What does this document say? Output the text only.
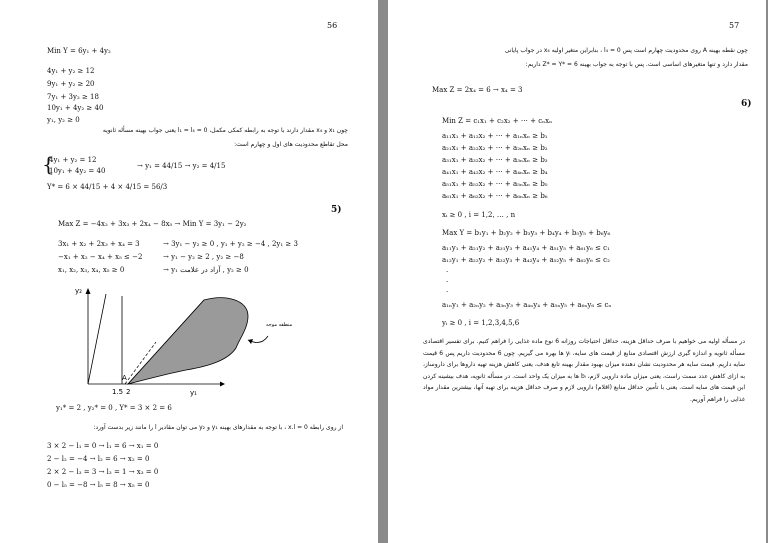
56
Min Y = 6y₁ + 4y₂
4y₁ + y₂ ≥ 12
9y₁ + y₂ ≥ 20
7y₁ + 3y₂ ≥ 18
10y₁ + 4y₂ ≥ 40
y₁, y₂ ≥ 0
چون x₁ و x₄ مقدار دارند با توجه به رابطه کمکی مکمل، l₁ = l₄ = 0 یعنی جواب بهینه مسأله ثانویه
محل تقاطع محدودیت های اول و چهارم است:
{
4y₁ + y₂ = 12
10y₁ + 4y₂ = 40
→ y₁ = 44/15 → y₂ = 4/15
Y* = 6 × 44/15 + 4 × 4/15 = 56/3
5)
Max Z = −4x₂ + 3x₃ + 2x₄ − 8x₅ → Min Y = 3y₁ − 2y₂
3x₁ + x₂ + 2x₃ + x₄ = 3	→ 3y₁ − y₂ ≥ 0 , y₁ + y₂ ≥ −4 , 2y₁ ≥ 3
−x₁ + x₂ − x₄ + x₅ ≤ −2	→ y₁ − y₂ ≥ 2 , y₂ ≥ −8
x₁, x₂, x₃, x₄, x₅ ≥ 0	→ y₁ آزاد در علامت , y₂ ≥ 0
y₂
y₁
A
1.5 2
منطقه موجه
y₁* = 2 , y₂* = 0 , Y* = 3 × 2 = 6
از روی رابطه x.l = 0 ، با توجه به مقدارهای بهینه y₁ و y₂ می توان مقادیر l را مانند زیر بدست آورد:
3 × 2 − l₁ = 0 → l₁ = 6 → x₁ = 0
2 − l₂ = −4 → l₂ = 6 → x₂ = 0
2 × 2 − l₃ = 3 → l₃ = 1 → x₃ = 0
0 − l₅ = −8 → l₅ = 8 → x₅ = 0
57
چون نقطه بهینه A روی محدودیت چهارم است پس l₄ = 0 ، بنابراین متغیر اولیه x₄ در جواب پایانی
مقدار دارد و تنها متغیرهای اساسی است. پس با توجه به جواب بهینه Z* = Y* = 6 داریم:
Max Z = 2x₄ = 6 → x₄ = 3
6)
Min Z = c₁x₁ + c₂x₂ + ⋯ + cₙxₙ
a₁₁x₁ + a₁₂x₂ + ⋯ + a₁ₙxₙ ≥ b₁
a₂₁x₁ + a₂₂x₂ + ⋯ + a₂ₙxₙ ≥ b₂
a₃₁x₁ + a₃₂x₂ + ⋯ + a₃ₙxₙ ≥ b₃
a₄₁x₁ + a₄₂x₂ + ⋯ + a₄ₙxₙ ≥ b₄
a₅₁x₁ + a₅₂x₂ + ⋯ + a₅ₙxₙ ≥ b₅
a₆₁x₁ + a₆₂x₂ + ⋯ + a₆ₙxₙ ≥ b₆
xᵢ ≥ 0 , i = 1,2, … , n
Max Y = b₁y₁ + b₂y₂ + b₃y₃ + b₄y₄ + b₅y₅ + b₆y₆
a₁₁y₁ + a₂₁y₂ + a₃₁y₃ + a₄₁y₄ + a₅₁y₅ + a₆₁y₆ ≤ c₁
a₁₂y₁ + a₂₂y₂ + a₃₂y₃ + a₄₂y₄ + a₅₂y₅ + a₆₂y₆ ≤ c₂
.
.
.
a₁ₙy₁ + a₂ₙy₂ + a₃ₙy₃ + a₄ₙy₄ + a₅ₙy₅ + a₆ₙy₆ ≤ cₙ
yᵢ ≥ 0 , i = 1,2,3,4,5,6
در مسأله اولیه می خواهیم با صرف حداقل هزینه، حداقل احتیاجات روزانه 6 نوع ماده غذایی را فراهم کنیم. برای تفسیر اقتصادی مسأله ثانویه و اندازه گیری ارزش اقتصادی منابع از قیمت های سایه، yᵢ ها بهره می گیریم. چون 6 محدودیت داریم پس 6 قیمت سایه داریم. قیمت سایه هر محدودیت نشان دهنده میزان بهبود مقدار بهینه تابع هدف، یعنی کاهش هزینه تهیه داروها برای داروساز، به ازای کاهش عدد سمت راست، یعنی میزان ماده دارویی لازم، bᵢ ها به میزان یک واحد است. در مسأله ثانویه، هدف بیشینه کردن این قیمت های سایه است. یعنی با تأمین حداقل منابع (اقلام) دارویی لازم و صرف حداقل هزینه برای تهیه آنها، بیشترین مقدار مواد غذایی را فراهم آوریم.
